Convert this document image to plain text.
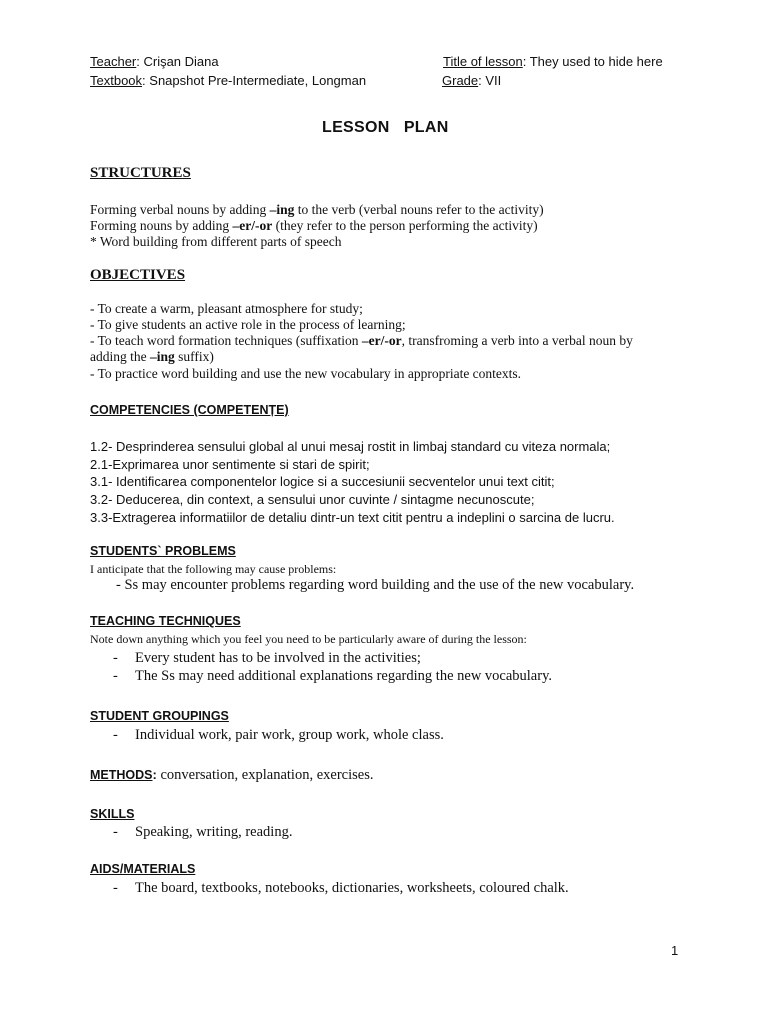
Teacher: Crişan Diana
Textbook: Snapshot Pre-Intermediate, Longman
Title of lesson: They used to hide here
Grade: VII
LESSON   PLAN
STRUCTURES
Forming verbal nouns by adding –ing to the verb (verbal nouns refer to the activity)
Forming nouns by adding –er/-or (they refer to the person performing the activity)
* Word building from different parts of speech
OBJECTIVES
- To create a warm, pleasant atmosphere for study;
- To give students an active role in the process of learning;
- To teach word formation techniques (suffixation –er/-or, transfroming a verb into a verbal noun by
adding the –ing suffix)
- To practice word building and use the new vocabulary in appropriate contexts.
COMPETENCIES (COMPETENȚE)
1.2- Desprinderea sensului global al unui mesaj rostit in limbaj standard cu viteza normala;
2.1-Exprimarea unor sentimente si stari de spirit;
3.1- Identificarea componentelor logice si a succesiunii secventelor unui text citit;
3.2- Deducerea, din context, a sensului unor cuvinte / sintagme necunoscute;
3.3-Extragerea informatiilor de detaliu dintr-un text citit pentru a indeplini o sarcina de lucru.
STUDENTS` PROBLEMS
I anticipate that the following may cause problems:
- Ss may encounter problems regarding word building and the use of the new vocabulary.
TEACHING TECHNIQUES
Note down anything which you feel you need to be particularly aware of during the lesson:
- Every student has to be involved in the activities;
- The Ss may need additional explanations regarding the new vocabulary.
STUDENT GROUPINGS
- Individual work, pair work, group work, whole class.
METHODS: conversation, explanation, exercises.
SKILLS
- Speaking, writing, reading.
AIDS/MATERIALS
- The board, textbooks, notebooks, dictionaries, worksheets, coloured chalk.
1
